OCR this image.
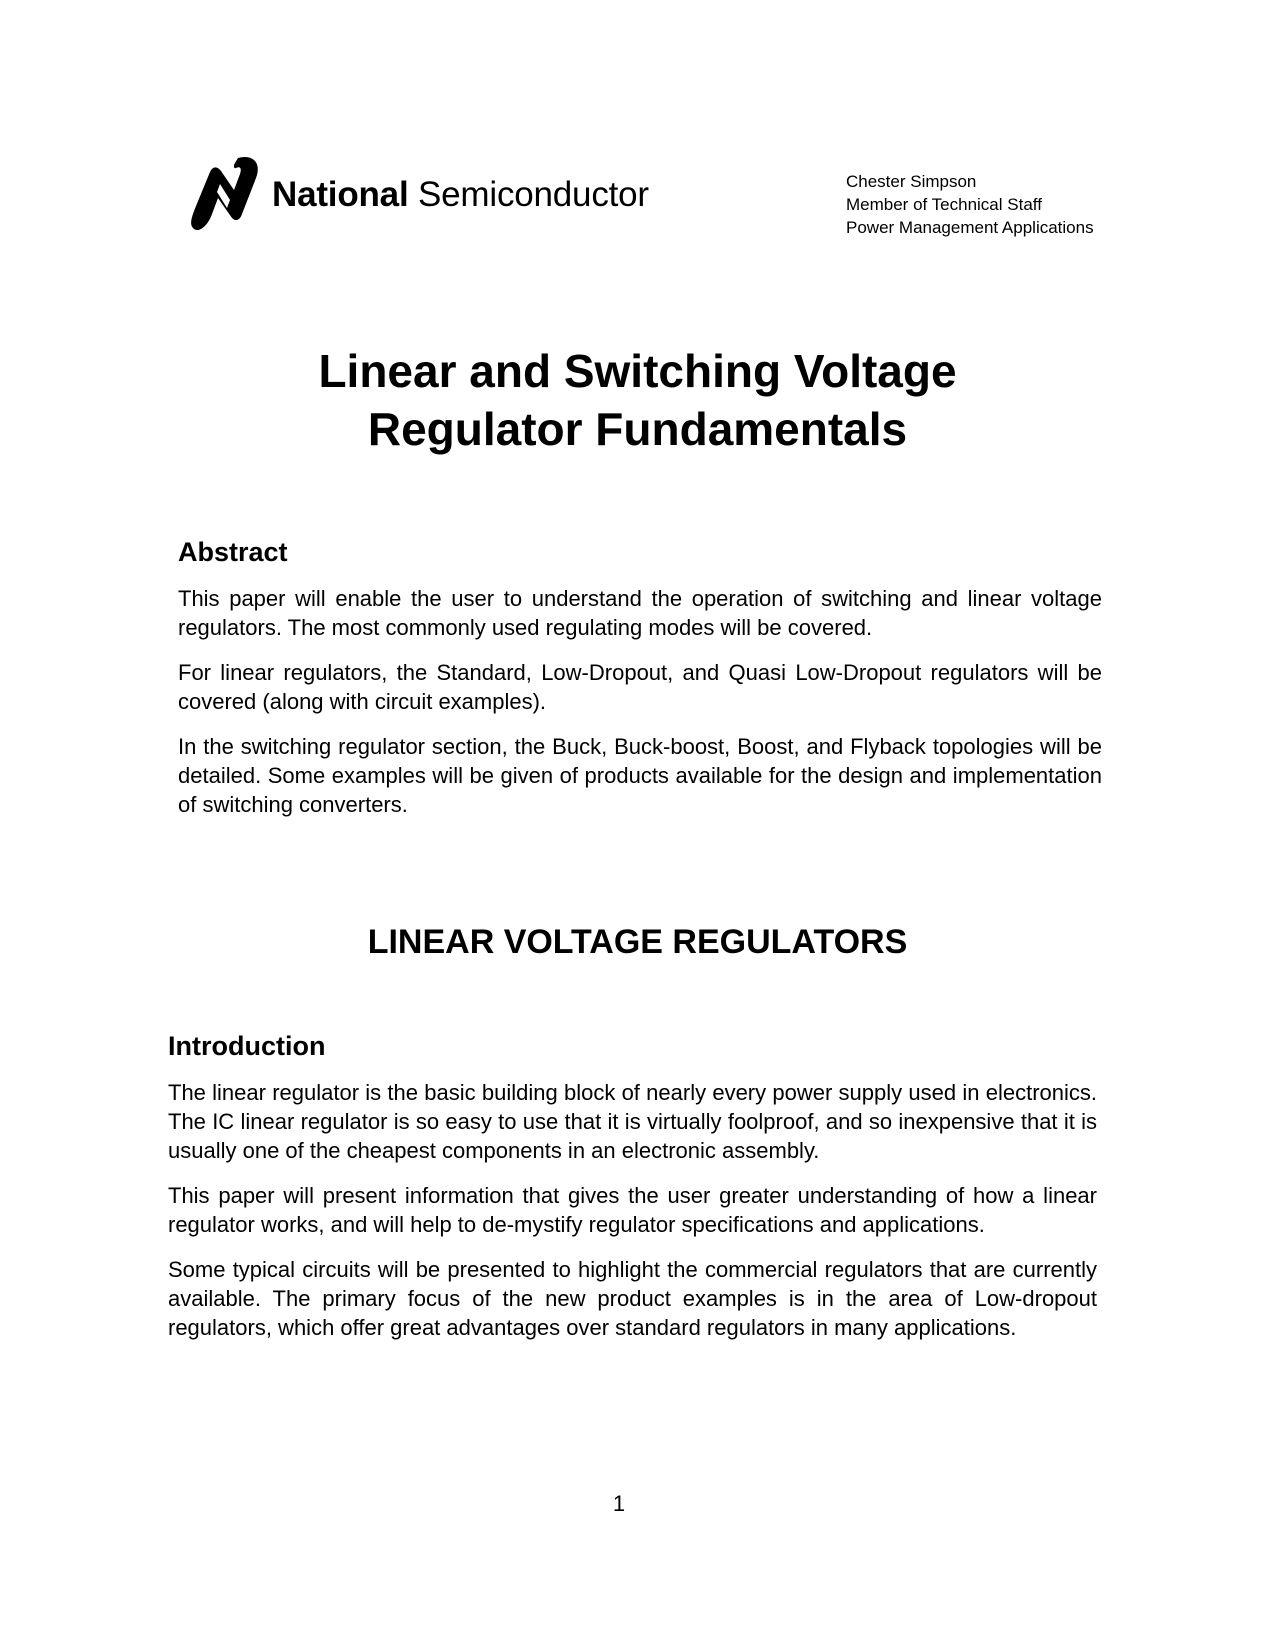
National Semiconductor	Chester Simpson
Member of Technical Staff
Power Management Applications
Linear and Switching Voltage
Regulator Fundamentals
Abstract

This paper will enable the user to understand the operation of switching and linear voltage regulators. The most commonly used regulating modes will be covered.

For linear regulators, the Standard, Low-Dropout, and Quasi Low-Dropout regulators will be covered (along with circuit examples).

In the switching regulator section, the Buck, Buck-boost, Boost, and Flyback topologies will be detailed. Some examples will be given of products available for the design and implementation of switching converters.

LINEAR VOLTAGE REGULATORS
Introduction

The linear regulator is the basic building block of nearly every power supply used in electronics. The IC linear regulator is so easy to use that it is virtually foolproof, and so inexpensive that it is usually one of the cheapest components in an electronic assembly.

This paper will present information that gives the user greater understanding of how a linear regulator works, and will help to de-mystify regulator specifications and applications.

Some typical circuits will be presented to highlight the commercial regulators that are currently available. The primary focus of the new product examples is in the area of Low-dropout regulators, which offer great advantages over standard regulators in many applications.

1
